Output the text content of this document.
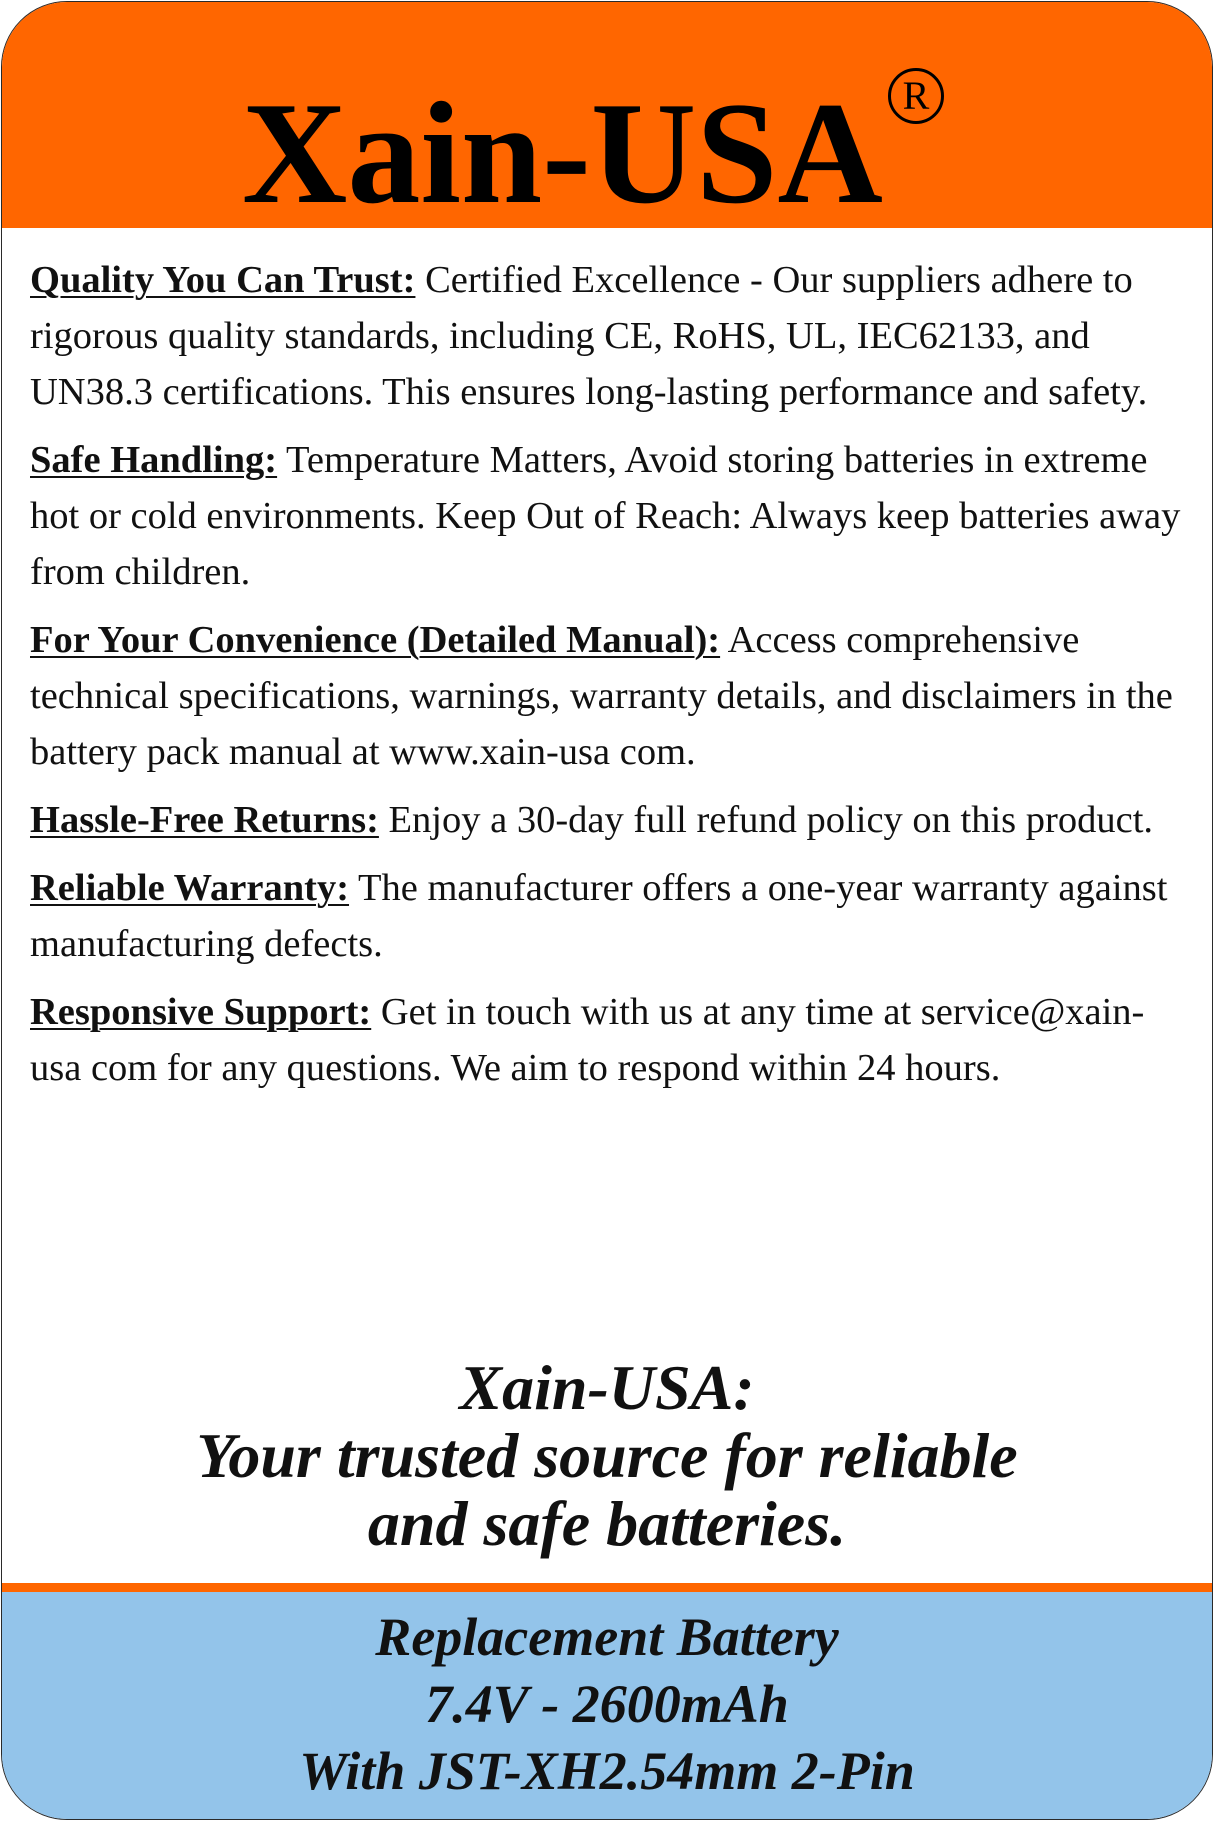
Xain-USA R

Quality You Can Trust: Certified Excellence - Our suppliers adhere to rigorous quality standards, including CE, RoHS, UL, IEC62133, and UN38.3 certifications. This ensures long-lasting performance and safety.

Safe Handling: Temperature Matters, Avoid storing batteries in extreme hot or cold environments. Keep Out of Reach: Always keep batteries away from children.

For Your Convenience (Detailed Manual): Access comprehensive technical specifications, warnings, warranty details, and disclaimers in the battery pack manual at www.xain-usa com.

Hassle-Free Returns: Enjoy a 30-day full refund policy on this product.

Reliable Warranty: The manufacturer offers a one-year warranty against manufacturing defects.

Responsive Support: Get in touch with us at any time at service@xain-usa com for any questions. We aim to respond within 24 hours.

Xain-USA:
Your trusted source for reliable
and safe batteries.
Replacement Battery
7.4V - 2600mAh
With JST-XH2.54mm 2-Pin
